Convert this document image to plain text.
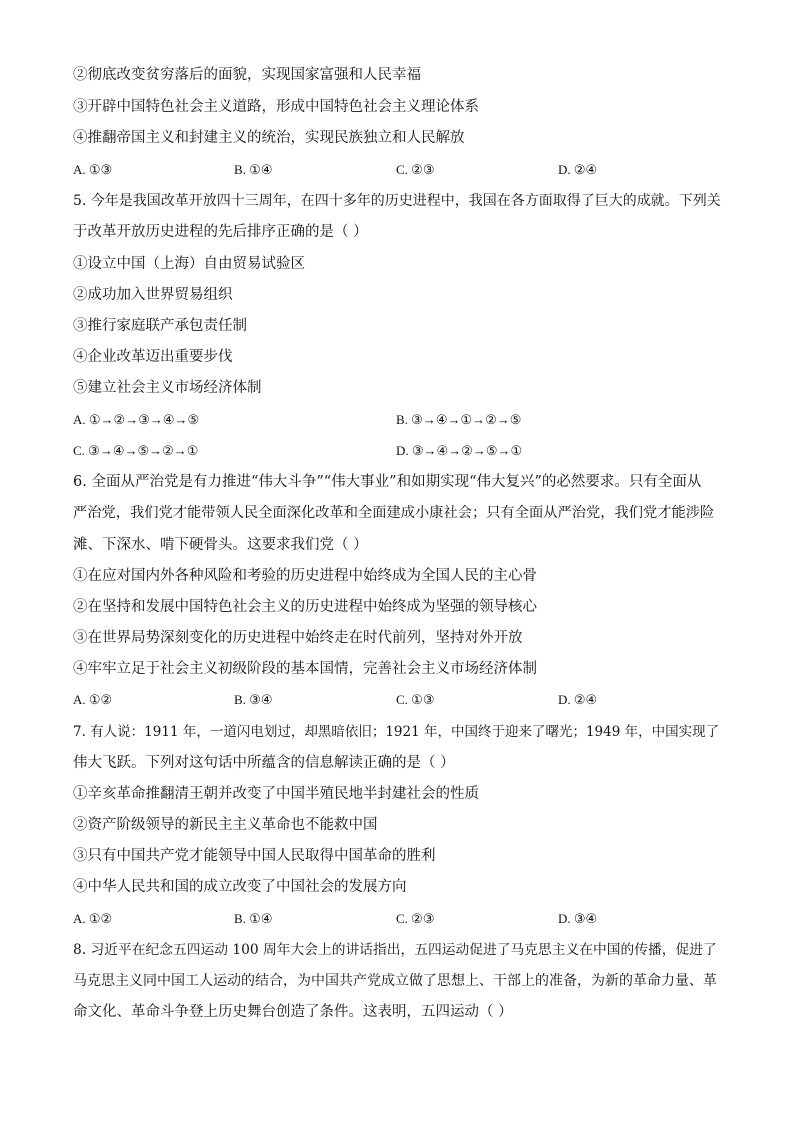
②彻底改变贫穷落后的面貌，实现国家富强和人民幸福
③开辟中国特色社会主义道路，形成中国特色社会主义理论体系
④推翻帝国主义和封建主义的统治，实现民族独立和人民解放
A. ①③	B. ①④	C. ②③	D. ②④
5. 今年是我国改革开放四十三周年，在四十多年的历史进程中，我国在各方面取得了巨大的成就。下列关
于改革开放历史进程的先后排序正确的是（ ）
①设立中国（上海）自由贸易试验区
②成功加入世界贸易组织
③推行家庭联产承包责任制
④企业改革迈出重要步伐
⑤建立社会主义市场经济体制
A. ①→②→③→④→⑤	B. ③→④→①→②→⑤
C. ③→④→⑤→②→①	D. ③→④→②→⑤→①
6. 全面从严治党是有力推进“伟大斗争”“伟大事业”和如期实现“伟大复兴”的必然要求。只有全面从
严治党，我们党才能带领人民全面深化改革和全面建成小康社会；只有全面从严治党，我们党才能涉险
滩、下深水、啃下硬骨头。这要求我们党（ ）
①在应对国内外各种风险和考验的历史进程中始终成为全国人民的主心骨
②在坚持和发展中国特色社会主义的历史进程中始终成为坚强的领导核心
③在世界局势深刻变化的历史进程中始终走在时代前列，坚持对外开放
④牢牢立足于社会主义初级阶段的基本国情，完善社会主义市场经济体制
A. ①②	B. ③④	C. ①③	D. ②④
7. 有人说：1911 年，一道闪电划过，却黑暗依旧；1921 年，中国终于迎来了曙光；1949 年，中国实现了
伟大飞跃。下列对这句话中所蕴含的信息解读正确的是（ ）
①辛亥革命推翻清王朝并改变了中国半殖民地半封建社会的性质
②资产阶级领导的新民主主义革命也不能救中国
③只有中国共产党才能领导中国人民取得中国革命的胜利
④中华人民共和国的成立改变了中国社会的发展方向
A. ①②	B. ①④	C. ②③	D. ③④
8. 习近平在纪念五四运动 100 周年大会上的讲话指出，五四运动促进了马克思主义在中国的传播，促进了
马克思主义同中国工人运动的结合，为中国共产党成立做了思想上、干部上的准备，为新的革命力量、革
命文化、革命斗争登上历史舞台创造了条件。这表明，五四运动（ ）
